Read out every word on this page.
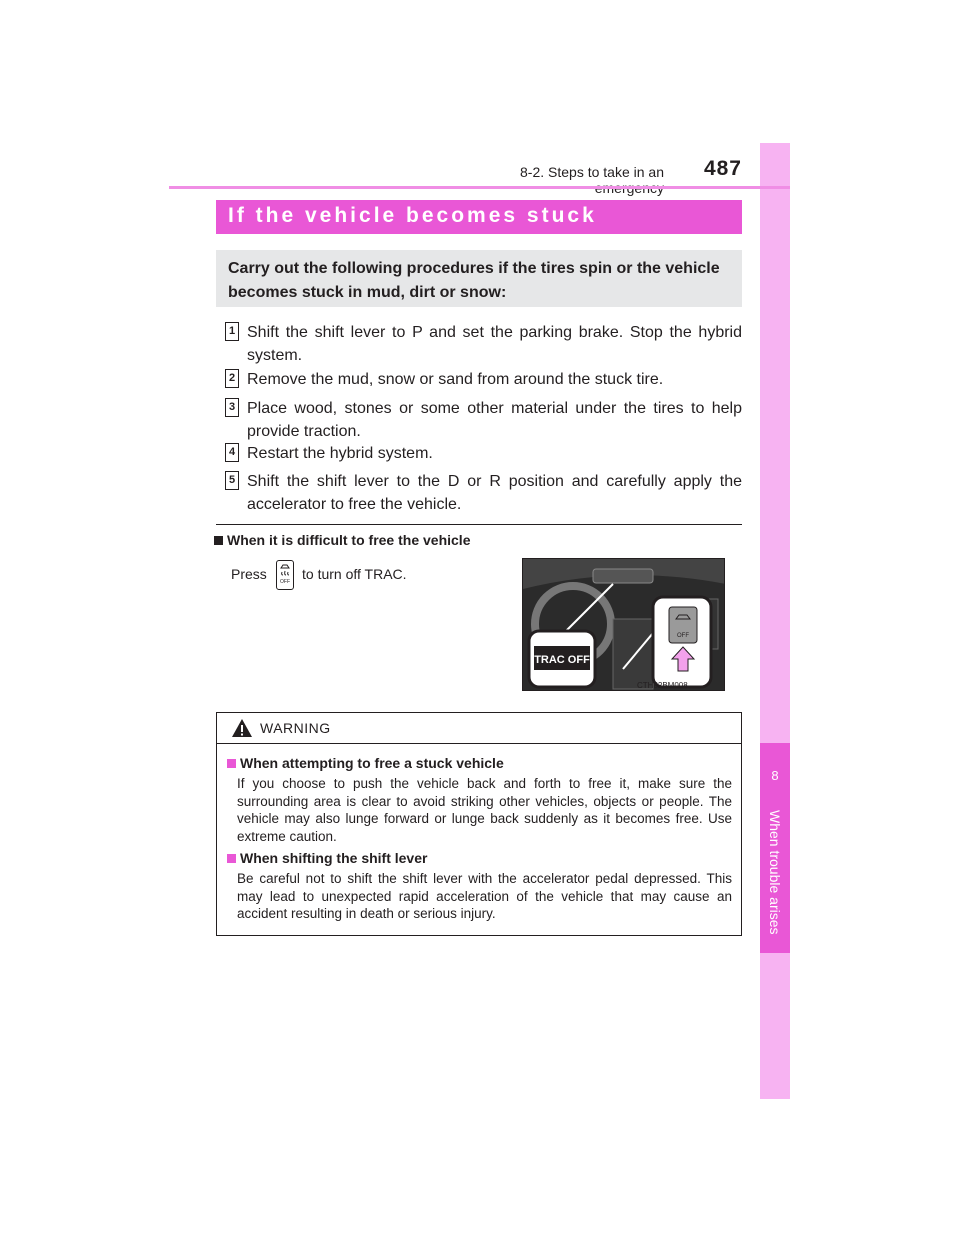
8
When trouble arises
8-2. Steps to take in an	487
If the vehicle becomes stuck
Carry out the following procedures if the tires spin or the vehicle becomes stuck in mud, dirt or snow:
1 Shift the shift lever to P and set the parking brake. Stop the hybrid system.
2 Remove the mud, snow or sand from around the stuck tire.
3 Place wood, stones or some other material under the tires to help provide traction.
4 Restart the hybrid system.
5 Shift the shift lever to the D or R position and carefully apply the accelerator to free the vehicle.
When it is difficult to free the vehicle
Press	OFF to turn off TRAC.
TRAC OFF
OFF
CTH82BM008
WARNING
When attempting to free a stuck vehicle
If you choose to push the vehicle back and forth to free it, make sure the surrounding area is clear to avoid striking other vehicles, objects or people. The vehicle may also lunge forward or lunge back suddenly as it becomes free. Use extreme caution.
When shifting the shift lever
Be careful not to shift the shift lever with the accelerator pedal depressed. This may lead to unexpected rapid acceleration of the vehicle that may cause an accident resulting in death or serious injury.
